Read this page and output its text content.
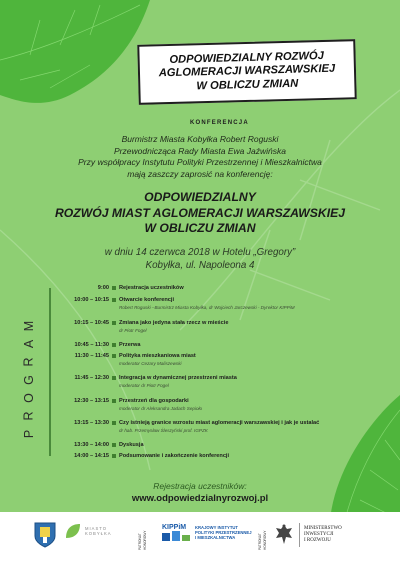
ODPOWIEDZIALNY ROZWÓJ
AGLOMERACJI WARSZAWSKIEJ
W OBLICZU ZMIAN
KONFERENCJA
Burmistrz Miasta Kobyłka Robert Roguski
Przewodnicząca Rady Miasta Ewa Jaźwińska
Przy współpracy Instytutu Polityki Przestrzennej i Mieszkalnictwa
mają zaszczy zaprosić na konferencję:
ODPOWIEDZIALNY
ROZWÓJ MIAST AGLOMERACJI WARSZAWSKIEJ
W OBLICZU ZMIAN
w dniu 14 czerwca 2018 w Hotelu „Gregory”
Kobyłka, ul. Napoleona 4
M
A
R
G
O
R
P
9:00 Rejestracja uczestników
10:00 – 10:15 Otwarcie konferencji
Robert Roguski –Burmistrz Miasta Kobyłka, dr Wojciech Jarczewski - Dyrektor KIPPiM
10:15 – 10:45 Zmiana jako jedyna stała rzecz w mieście
dr Piotr Fogel
10:45 – 11:30 Przerwa
11:30 – 11:45 Polityka mieszkaniowa miast
moderator Cezary Maliszewski
11:45 – 12:30 Integracja w dynamicznej przestrzeni miasta
moderator dr Piotr Fogel
12:30 – 13:15 Przestrzeń dla gospodarki
moderator dr Aleksandra Jadach Sepioło
13:15 – 13:30 Czy istnieją granice wzrostu miast aglomeracji warszawskiej i jak je ustalać
dr hab. Przemysław Śleszyński prof. IGPZK
13:30 – 14:00 Dyskusja
14:00 – 14:15 Podsumowanie i zakończenie konferencji
Rejestracja uczestników:
www.odpowiedzialnyrozwoj.pl
MIASTO
KOBYŁKA	PATRONAT
HONOROWY
KIPPiM KRAJOWY INSTYTUT
POLITYKI PRZESTRZENNEJ
I MIESZKALNICTWA	PATRONAT
HONOROWY
MINISTERSTWO
INWESTYCJI
I ROZWOJU
